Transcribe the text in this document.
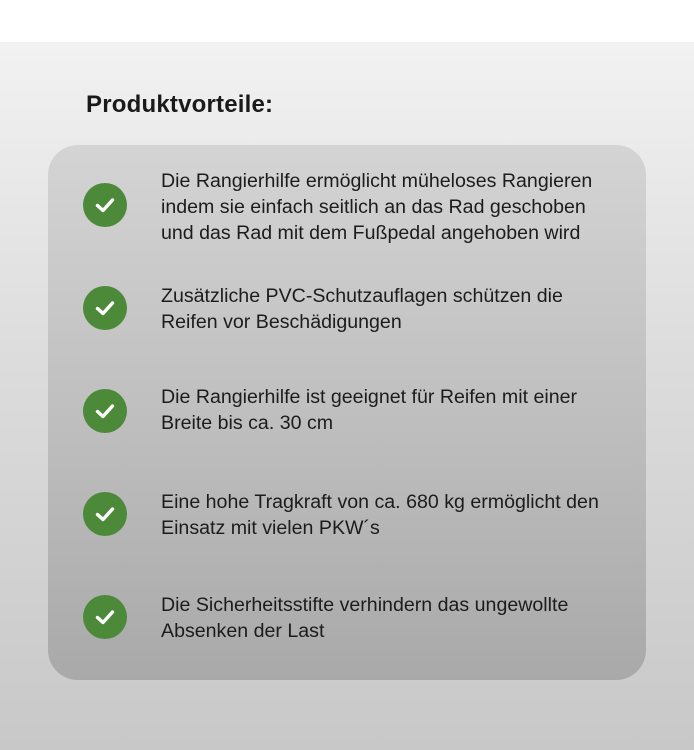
Produktvorteile:

Die Rangierhilfe ermöglicht müheloses Rangieren
indem sie einfach seitlich an das Rad geschoben
und das Rad mit dem Fußpedal angehoben wird

Zusätzliche PVC-Schutzauflagen schützen die
Reifen vor Beschädigungen

Die Rangierhilfe ist geeignet für Reifen mit einer
Breite bis ca. 30 cm

Eine hohe Tragkraft von ca. 680 kg ermöglicht den
Einsatz mit vielen PKW´s

Die Sicherheitsstifte verhindern das ungewollte
Absenken der Last
